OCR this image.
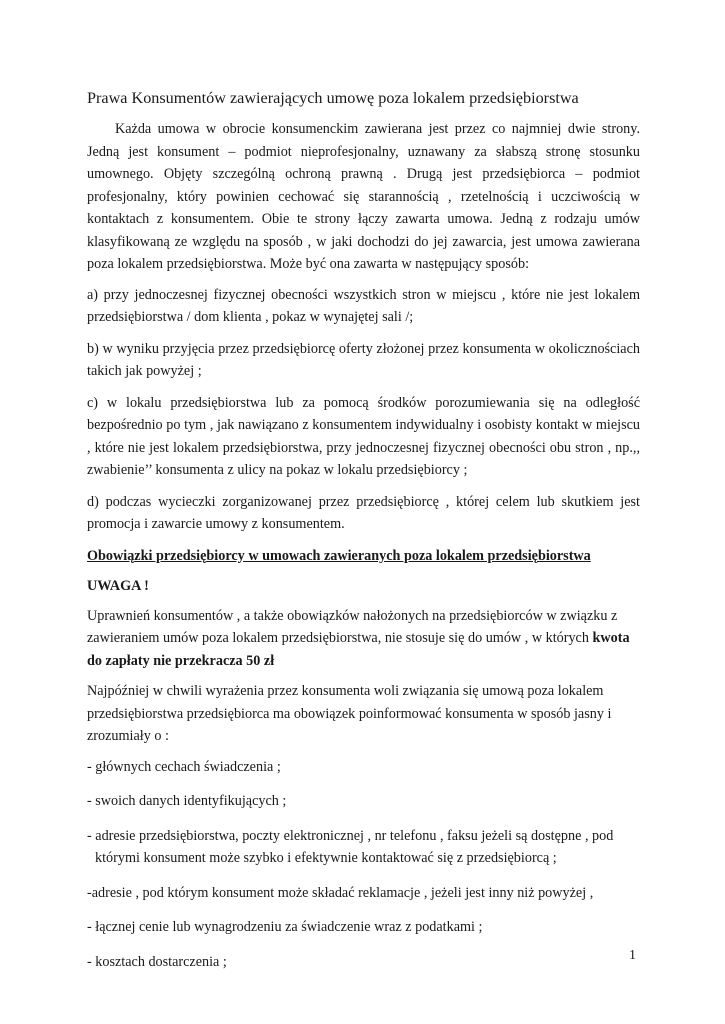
Prawa Konsumentów zawierających umowę poza lokalem przedsiębiorstwa

Każda umowa w obrocie konsumenckim zawierana jest przez co najmniej dwie strony. Jedną jest konsument – podmiot nieprofesjonalny, uznawany za słabszą stronę stosunku umownego. Objęty szczególną ochroną prawną . Drugą jest przedsiębiorca – podmiot profesjonalny, który powinien cechować się starannością , rzetelnością i uczciwością w kontaktach z konsumentem. Obie te strony łączy zawarta umowa. Jedną z rodzaju umów klasyfikowaną ze względu na sposób , w jaki dochodzi do jej zawarcia, jest umowa zawierana poza lokalem przedsiębiorstwa. Może być ona zawarta w następujący sposób:

a) przy jednoczesnej fizycznej obecności wszystkich stron w miejscu , które nie jest lokalem przedsiębiorstwa / dom klienta , pokaz w wynajętej sali /;

b) w wyniku przyjęcia przez przedsiębiorcę oferty złożonej przez konsumenta w okolicznościach takich jak powyżej ;

c) w lokalu przedsiębiorstwa lub za pomocą środków porozumiewania się na odległość bezpośrednio po tym , jak nawiązano z konsumentem indywidualny i osobisty kontakt w miejscu , które nie jest lokalem przedsiębiorstwa, przy jednoczesnej fizycznej obecności obu stron , np.,, zwabienie’’ konsumenta z ulicy na pokaz w lokalu przedsiębiorcy ;

d) podczas wycieczki zorganizowanej przez przedsiębiorcę , której celem lub skutkiem jest promocja i zawarcie umowy z konsumentem.

Obowiązki przedsiębiorcy w umowach zawieranych poza lokalem przedsiębiorstwa
UWAGA !

Uprawnień konsumentów , a także obowiązków nałożonych na przedsiębiorców w związku z zawieraniem umów poza lokalem przedsiębiorstwa, nie stosuje się do umów , w których kwota do zapłaty nie przekracza 50 zł

Najpóźniej w chwili wyrażenia przez konsumenta woli związania się umową poza lokalem przedsiębiorstwa przedsiębiorca ma obowiązek poinformować konsumenta w sposób jasny i zrozumiały o :

- głównych cechach świadczenia ;

- swoich danych identyfikujących ;

- adresie przedsiębiorstwa, poczty elektronicznej , nr telefonu , faksu jeżeli są dostępne , pod którymi konsument może szybko i efektywnie kontaktować się z przedsiębiorcą ;

-adresie , pod którym konsument może składać reklamacje , jeżeli jest inny niż powyżej ,

- łącznej cenie lub wynagrodzeniu za świadczenie wraz z podatkami ;

- kosztach dostarczenia ;	1
